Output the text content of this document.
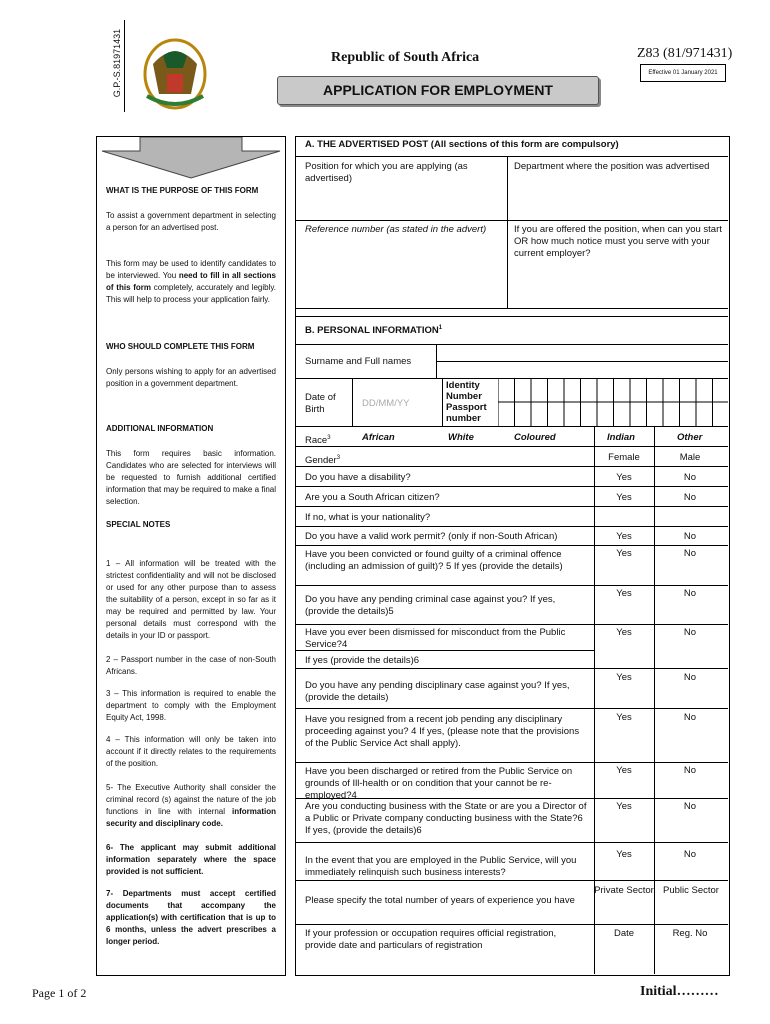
G.P.-S.81971431	Republic of South Africa	Z83 (81/971431)
Effective 01 January 2021
APPLICATION FOR EMPLOYMENT
WHAT IS THE PURPOSE OF THIS FORM
To assist a government department in selecting a person for an advertised post.
This form may be used to identify candidates to be interviewed. You need to fill in all sections of this form completely, accurately and legibly. This will help to process your application fairly.
WHO SHOULD COMPLETE THIS FORM
Only persons wishing to apply for an advertised position in a government department.
ADDITIONAL INFORMATION
This form requires basic information. Candidates who are selected for interviews will be requested to furnish additional certified information that may be required to make a final selection.
SPECIAL NOTES
1 – All information will be treated with the strictest confidentiality and will not be disclosed or used for any other purpose than to assess the suitability of a person, except in so far as it may be required and permitted by law. Your personal details must correspond with the details in your ID or passport.
2 – Passport number in the case of non-South Africans.
3 – This information is required to enable the department to comply with the Employment Equity Act, 1998.
4 – This information will only be taken into account if it directly relates to the requirements of the position.
5- The Executive Authority shall consider the criminal record (s) against the nature of the job functions in line with internal information security and disciplinary code.
6- The applicant may submit additional information separately where the space provided is not sufficient.
7- Departments must accept certified documents that accompany the application(s) with certification that is up to 6 months, unless the advert prescribes a longer period.
A. THE ADVERTISED POST (All sections of this form are compulsory)
Position for which you are applying (as advertised)
Department where the position was advertised
Reference number (as stated in the advert)	If you are offered the position, when can you start OR how much notice must you serve with your current employer?
B. PERSONAL INFORMATION$^1$
Surname and Full names
Date of Birth
DD/MM/YY
Identity Number Passport number
Race$^3$	African	White	Coloured	Indian	Other
Gender$^3$	Female	Male
Do you have a disability?	Yes	No
Are you a South African citizen?	Yes	No
If no, what is your nationality?
Do you have a valid work permit? (only if non-South African)	Yes	No
Have you been convicted or found guilty of a criminal offence (including an admission of guilt)? 5 If yes (provide the details)
Yes	No
Do you have any pending criminal case against you? If yes, (provide the details)5
Yes	No
Have you ever been dismissed for misconduct from the Public Service?4
Yes	No
If yes (provide the details)6
Do you have any pending disciplinary case against you? If yes, (provide the details)
Yes	No
Have you resigned from a recent job pending any disciplinary proceeding against you? 4 If yes, (please note that the provisions of the Public Service Act shall apply).
Yes	No
Have you been discharged or retired from the Public Service on grounds of Ill-health or on condition that your cannot be re-employed?4
Yes	No
Are you conducting business with the State or are you a Director of a Public or Private company conducting business with the State?6 If yes, (provide the details)6
Yes	No
In the event that you are employed in the Public Service, will you immediately relinquish such business interests?
Yes	No
Please specify the total number of years of experience you have
Private Sector Public Sector
If your profession or occupation requires official registration, provide date and particulars of registration
Date	Reg. No
Page 1 of 2	Initial………
